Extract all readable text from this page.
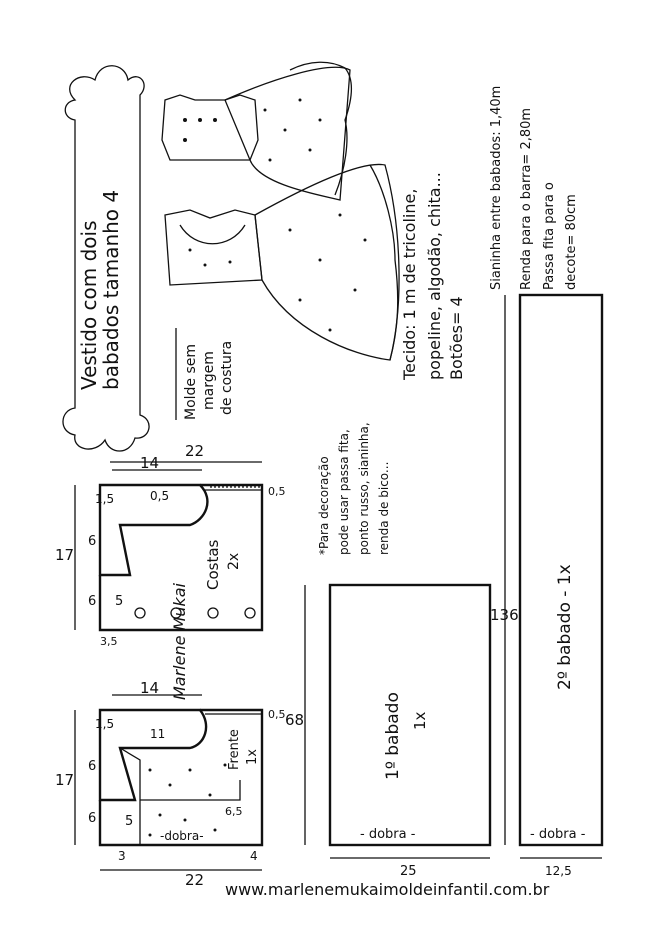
Vestido com dois
babados tamanho 4	Molde sem margem de costura	Tecido: 1 m de tricoline, popeline, algodão, chita... Botões= 4
Sianinha entre babados: 1,40m Renda para o barra= 2,80m Passa fita para o decote= 80cm
*Para decoração pode usar passa fita, ponto russo, sianinha, renda de bico...
22
14
17
1,5	0,5
6
6 5
3,5
0,5
Costas 2x
Marlene Mukai
14
17
22
1,5
11
6
6 5
6,5
3	4
0,5
-dobra-
Frente 1x
68
25
1º babado 1x
- dobra -
136
12,5
2º babado - 1x
- dobra -
www.marlenemukaimoldeinfantil.com.br
